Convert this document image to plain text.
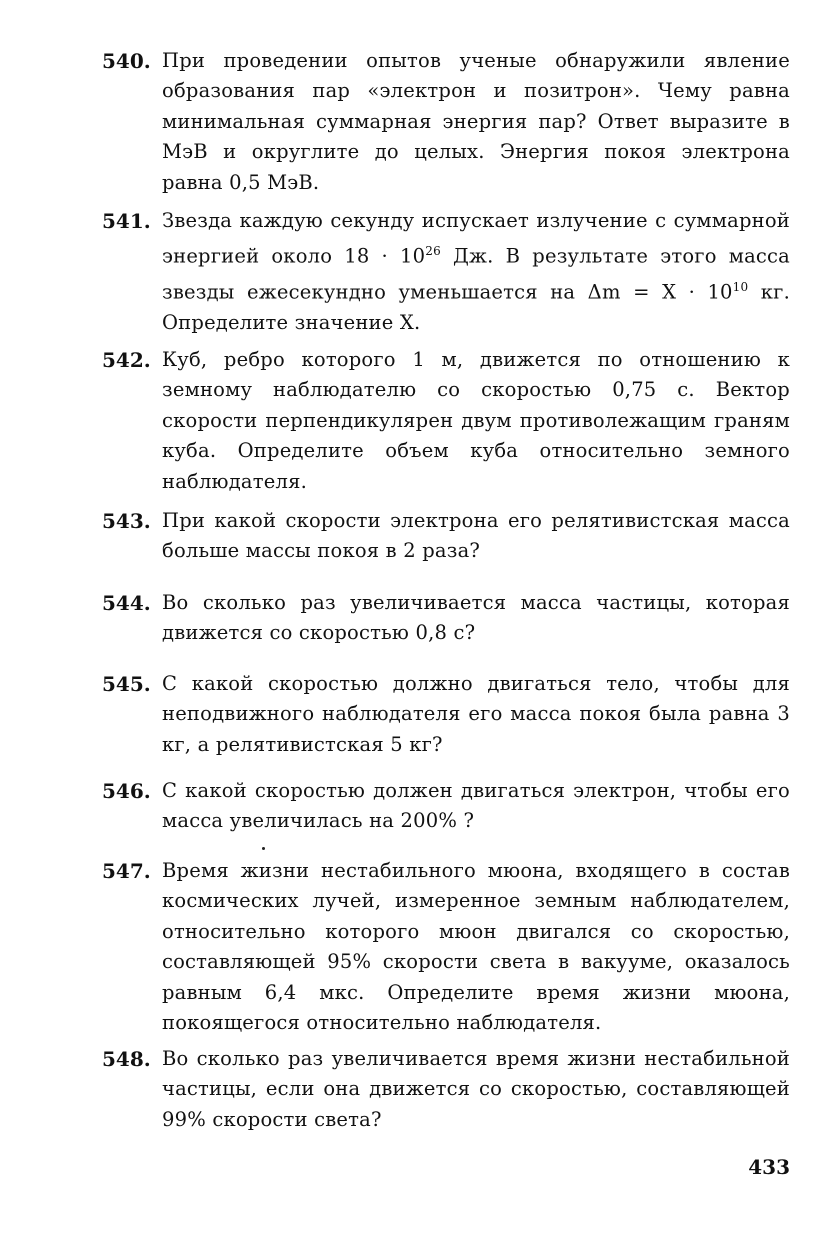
540. При проведении опытов ученые обнаружили явление образования пар «электрон и позитрон». Чему равна минимальная суммарная энергия пар? Ответ выразите в МэВ и округлите до целых. Энергия покоя электрона равна 0,5 МэВ.
541. Звезда каждую секунду испускает излучение с суммарной энергией около $18 \cdot 10^{26}$ Дж. В результате этого масса звезды ежесекундно уменьшается на $\Delta m = X \cdot 10^{10}$ кг. Определите значение X.
542. Куб, ребро которого 1 м, движется по отношению к земному наблюдателю со скоростью 0,75 c. Вектор скорости перпендикулярен двум противолежащим граням куба. Определите объем куба относительно земного наблюдателя.
543. При какой скорости электрона его релятивистская масса больше массы покоя в 2 раза?
544. Во сколько раз увеличивается масса частицы, которая движется со скоростью 0,8 c?
545. С какой скоростью должно двигаться тело, чтобы для неподвижного наблюдателя его масса покоя была равна 3 кг, а релятивистская 5 кг?
546. С какой скоростью должен двигаться электрон, чтобы его масса увеличилась на 200% ?
547. Время жизни нестабильного мюона, входящего в состав космических лучей, измеренное земным наблюдателем, относительно которого мюон двигался со скоростью, составляющей 95% скорости света в вакууме, оказалось равным 6,4 мкс. Определите время жизни мюона, покоящегося относительно наблюдателя.
548. Во сколько раз увеличивается время жизни нестабильной частицы, если она движется со скоростью, составляющей 99% скорости света?
433
